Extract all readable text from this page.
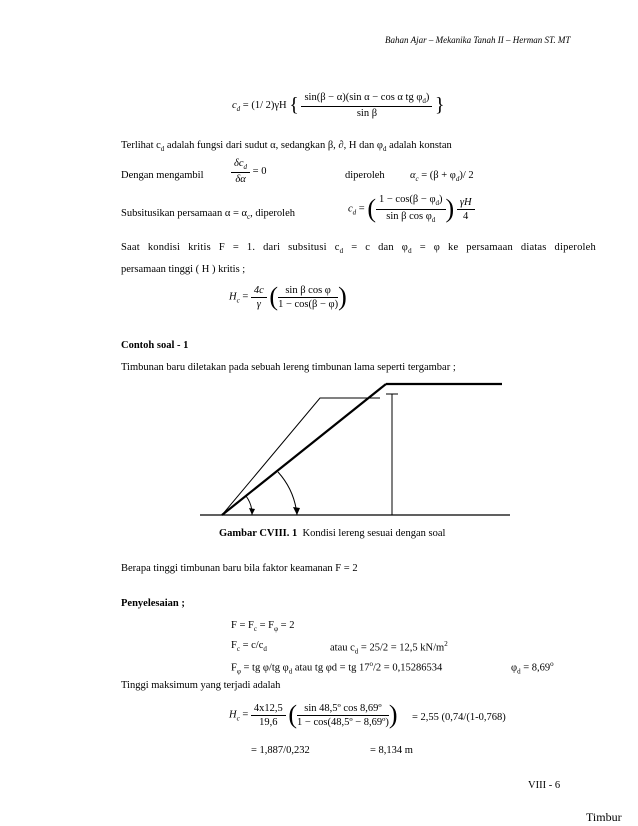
Bahan Ajar – Mekanika Tanah II – Herman ST. MT
$c_d = (1/$ 2)γH { $\frac{\sin(\beta - \alpha)(\sin \alpha - \cos \alpha tg \varphi_d)}{\text{sin β}}$ }
Terlihat $c_d$ adalah fungsi dari sudut α, sedangkan β, ∂, H dan $\varphi_d$ adalah konstan
Dengan mengambil	$\frac{\delta c_d}{\delta\alpha} = 0$	diperoleh $\alpha_c = (\beta + \varphi_d)/$ 2
Subsitusikan persamaan $\alpha = \alpha_c$, diperoleh	$c_d$ = ( $\frac{1 - \cos(\beta - \varphi_d)}{\sin \beta \cos \varphi_d}$ ) $\frac{\gamma H}{4}$
Saat kondisi kritis F = 1. dari subsitusi $c_d = c$ dan $\varphi_d = \varphi$ ke persamaan diatas diperoleh
persamaan tinggi ( H ) kritis ;
$H_c = \frac{4c}{\gamma}$ ( $\frac{\text{sin β cos φ}}{1 - \cos(\beta - \varphi)}$ )
Contoh soal - 1
Timbunan baru diletakan pada sebuah lereng timbunan lama seperti tergambar ;
Gambar CVIII. 1 Kondisi lereng sesuai dengan soal
Berapa tinggi timbunan baru bila faktor keamanan F = 2
Penyelesaian ;
$F = F_c = F_\varphi = 2$
$F_c = c/c_d$	atau $c_d = 25/2 = 12,5$ $kN/m^2$
$F_\varphi$ = tg φ/tg $\varphi_d$ atau tg φd = tg $17^o/2 = 0,15286534$	$\varphi_d = 8,69^o$
Tinggi maksimum yang terjadi adalah
$H_c = \frac{4x12,5}{19,6}$ ( $\frac{\text{sin 48,5º cos 8,69º}}{\text{1 − cos(48,5º − 8,69º)}}$ ) = 2,55 (0,74/(1-0,768)
= 1,887/0,232	= 8,134 m
VIII - 6
Timbur
